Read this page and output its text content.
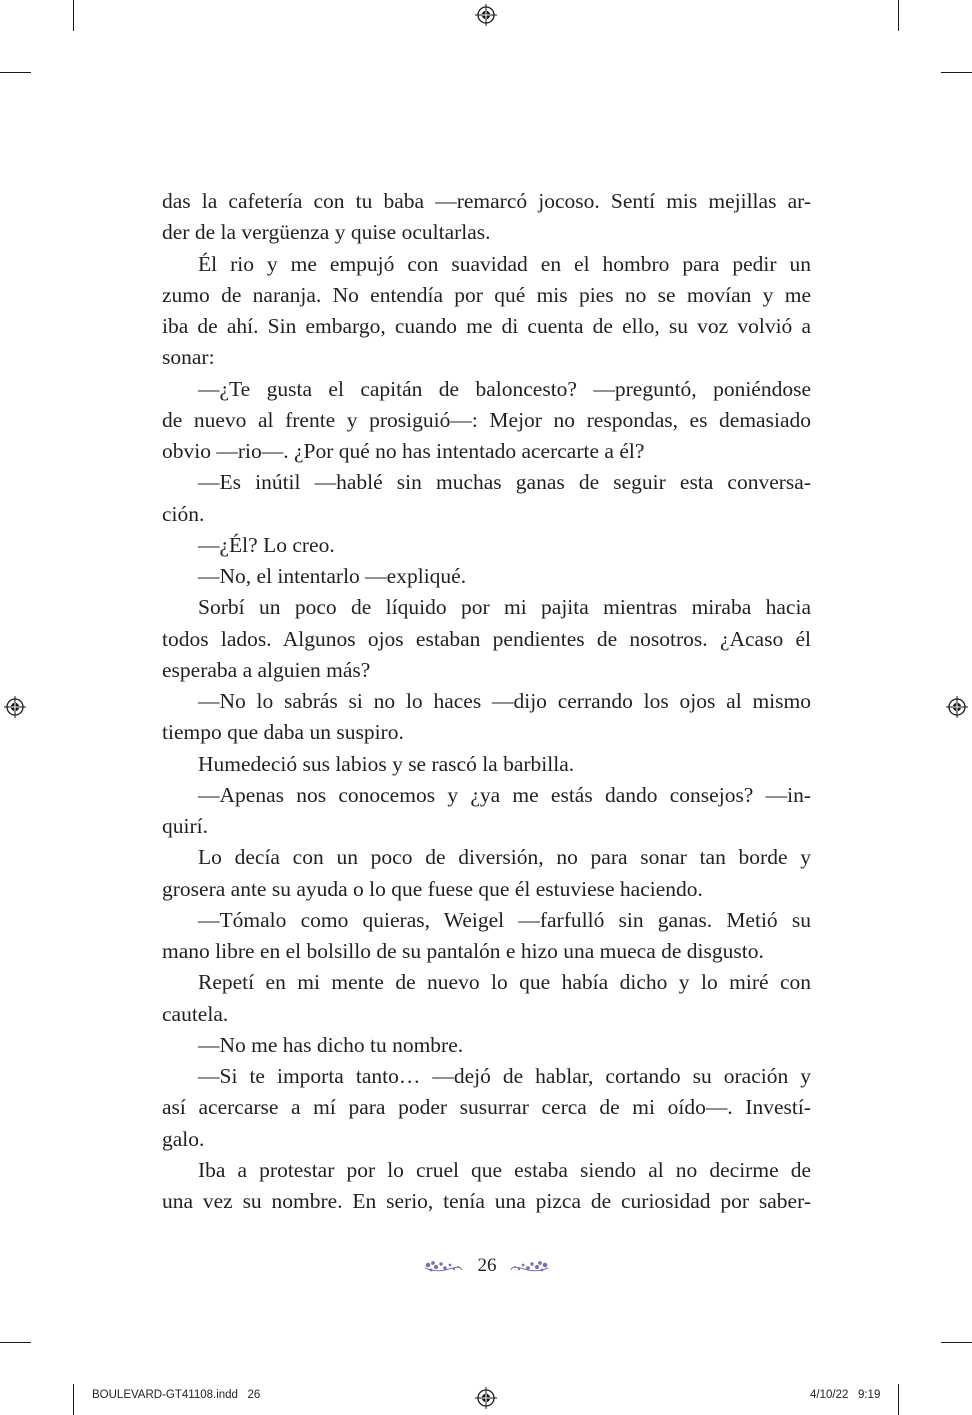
das la cafetería con tu baba —remarcó jocoso. Sentí mis mejillas ar-

der de la vergüenza y quise ocultarlas.

Él rio y me empujó con suavidad en el hombro para pedir un

zumo de naranja. No entendía por qué mis pies no se movían y me

iba de ahí. Sin embargo, cuando me di cuenta de ello, su voz volvió a

sonar:

—¿Te gusta el capitán de baloncesto? —preguntó, poniéndose

de nuevo al frente y prosiguió—: Mejor no respondas, es demasiado

obvio —rio—. ¿Por qué no has intentado acercarte a él?

—Es inútil —hablé sin muchas ganas de seguir esta conversa-

ción.

—¿Él? Lo creo.

—No, el intentarlo —expliqué.

Sorbí un poco de líquido por mi pajita mientras miraba hacia

todos lados. Algunos ojos estaban pendientes de nosotros. ¿Acaso él

esperaba a alguien más?

—No lo sabrás si no lo haces —dijo cerrando los ojos al mismo

tiempo que daba un suspiro.

Humedeció sus labios y se rascó la barbilla.

—Apenas nos conocemos y ¿ya me estás dando consejos? —in-

quirí.

Lo decía con un poco de diversión, no para sonar tan borde y

grosera ante su ayuda o lo que fuese que él estuviese haciendo.

—Tómalo como quieras, Weigel —farfulló sin ganas. Metió su

mano libre en el bolsillo de su pantalón e hizo una mueca de disgusto.

Repetí en mi mente de nuevo lo que había dicho y lo miré con

cautela.

—No me has dicho tu nombre.

—Si te importa tanto… —dejó de hablar, cortando su oración y

así acercarse a mí para poder susurrar cerca de mi oído—. Investí-

galo.

Iba a protestar por lo cruel que estaba siendo al no decirme de

una vez su nombre. En serio, tenía una pizca de curiosidad por saber-

26
BOULEVARD-GT41108.indd   26	4/10/22   9:19
